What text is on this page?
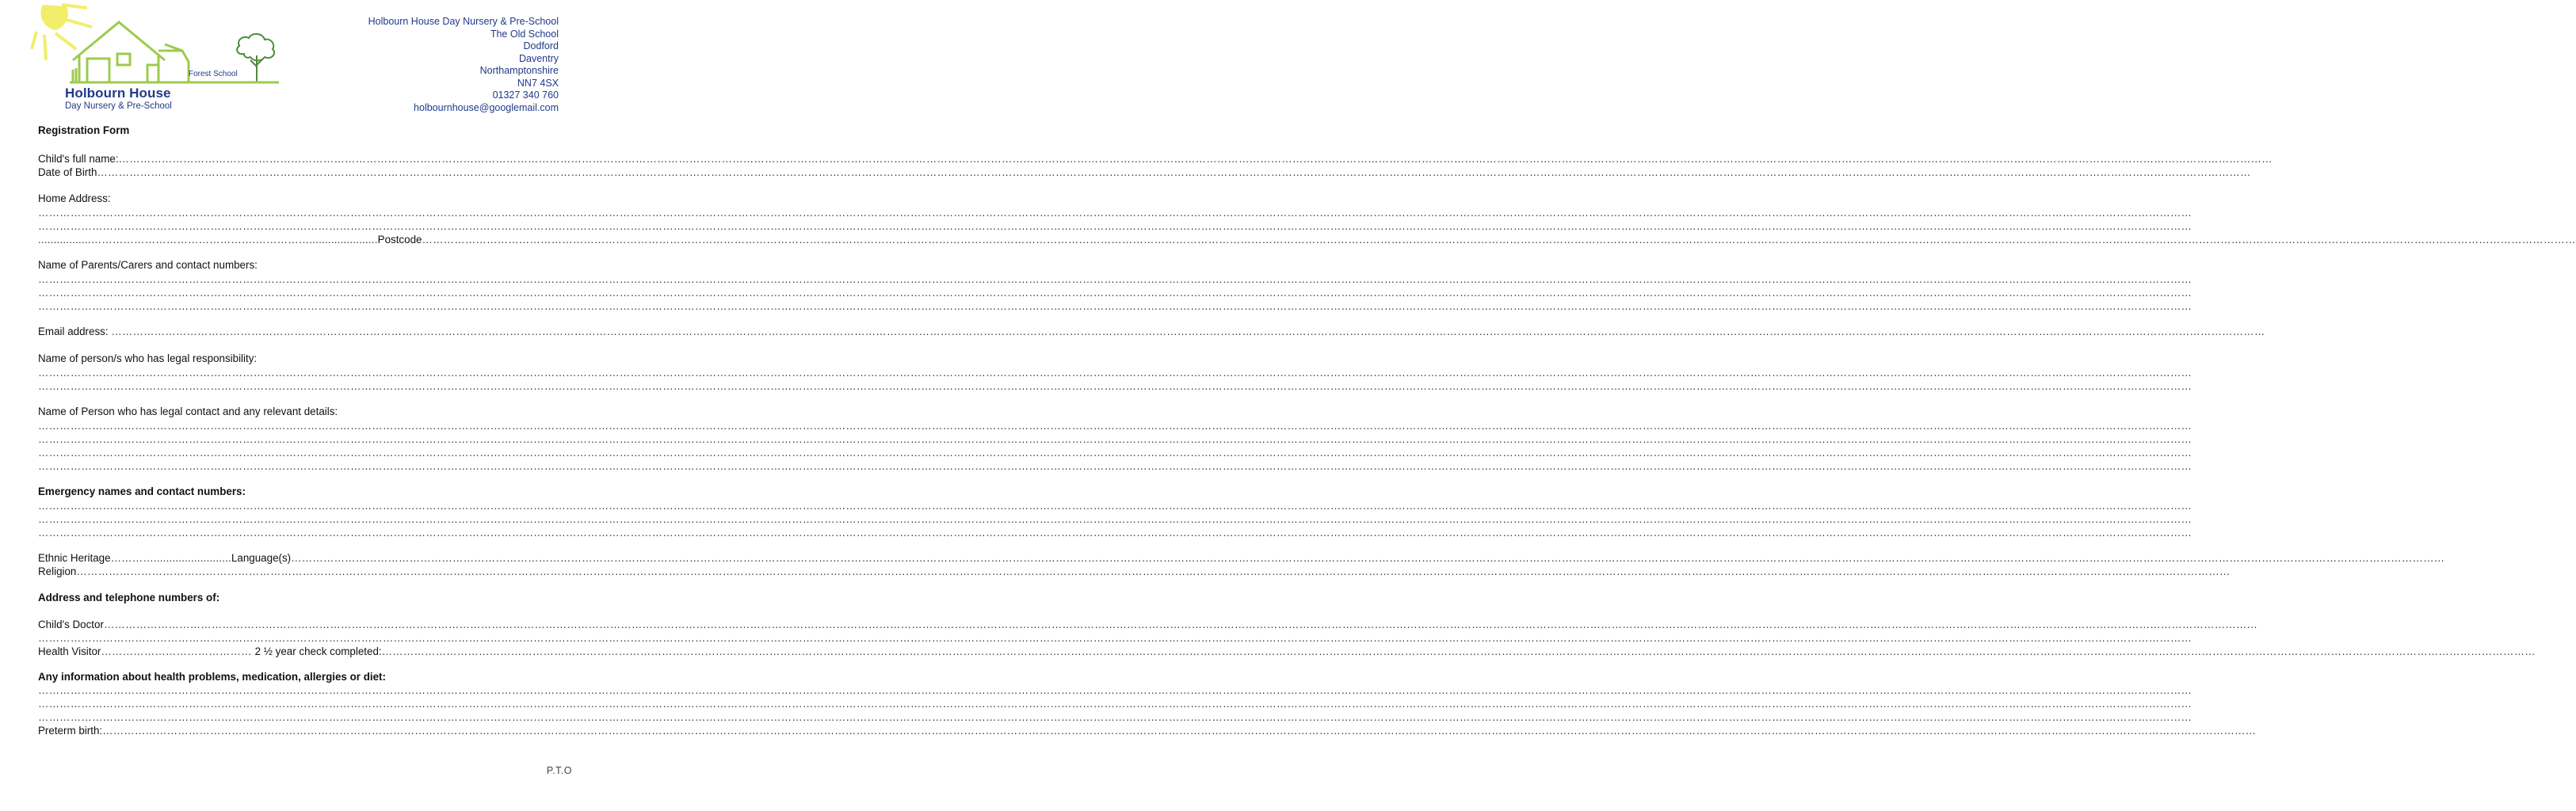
Forest School
Holbourn House
Day Nursery & Pre-School
Holbourn House Day Nursery & Pre-School
The Old School
Dodford
Daventry
Northamptonshire
NN7 4SX
01327 340 760
holbournhouse@googlemail.com
Registration Form
Child's full name:……………………………………………………………………………………………………………………………………………………………………………………………………………………………………………………………………………………………………………………………………………………………………………………………………………………………………………………………………………………………………………………………………………………
Date of Birth……………………………………………………………………………………………………………………………………………………………………………………………………………………………………………………………………………………………………………………………………………………………………………………………………………………………………………………………………………………………………………………………………………………
Home Address:
……………………………………………………………………………………………………………………………………………………………………………………………………………………………………………………………………………………………………………………………………………………………………………………………………………………………………………………………………………………………………………………………………………………
……………………………………………………………………………………………………………………………………………………………………………………………………………………………………………………………………………………………………………………………………………………………………………………………………………………………………………………………………………………………………………………………………………………
.................……………………………………….……………......................Postcode……………………………………………………………………………………………………………………………………………………………………………………………………………………………………………………………………………………………………………………………………………………………………………………………………………………………………………………………………………………………………………………………………………………
Name of Parents/Carers and contact numbers:
……………………………………………………………………………………………………………………………………………………………………………………………………………………………………………………………………………………………………………………………………………………………………………………………………………………………………………………………………………………………………………………………………………………
……………………………………………………………………………………………………………………………………………………………………………………………………………………………………………………………………………………………………………………………………………………………………………………………………………………………………………………………………………………………………………………………………………………
……………………………………………………………………………………………………………………………………………………………………………………………………………………………………………………………………………………………………………………………………………………………………………………………………………………………………………………………………………………………………………………………………………………
Email address: ……………………………………………………………………………………………………………………………………………………………………………………………………………………………………………………………………………………………………………………………………………………………………………………………………………………………………………………………………………………………………………………………………………………
Name of person/s who has legal responsibility:
……………………………………………………………………………………………………………………………………………………………………………………………………………………………………………………………………………………………………………………………………………………………………………………………………………………………………………………………………………………………………………………………………………………
……………………………………………………………………………………………………………………………………………………………………………………………………………………………………………………………………………………………………………………………………………………………………………………………………………………………………………………………………………………………………………………………………………………
Name of Person who has legal contact and any relevant details:
……………………………………………………………………………………………………………………………………………………………………………………………………………………………………………………………………………………………………………………………………………………………………………………………………………………………………………………………………………………………………………………………………………………
……………………………………………………………………………………………………………………………………………………………………………………………………………………………………………………………………………………………………………………………………………………………………………………………………………………………………………………………………………………………………………………………………………………
……………………………………………………………………………………………………………………………………………………………………………………………………………………………………………………………………………………………………………………………………………………………………………………………………………………………………………………………………………………………………………………………………………………
……………………………………………………………………………………………………………………………………………………………………………………………………………………………………………………………………………………………………………………………………………………………………………………………………………………………………………………………………………………………………………………………………………………
Emergency names and contact numbers:
……………………………………………………………………………………………………………………………………………………………………………………………………………………………………………………………………………………………………………………………………………………………………………………………………………………………………………………………………………………………………………………………………………………
……………………………………………………………………………………………………………………………………………………………………………………………………………………………………………………………………………………………………………………………………………………………………………………………………………………………………………………………………………………………………………………………………………………
……………………………………………………………………………………………………………………………………………………………………………………………………………………………………………………………………………………………………………………………………………………………………………………………………………………………………………………………………………………………………………………………………………………
Ethnic Heritage………….........................Language(s)……………………………………………………………………………………………………………………………………………………………………………………………………………………………………………………………………………………………………………………………………………………………………………………………………………………………………………………………………………………………………………………………………………………
Religion……………………………………………………………………………………………………………………………………………………………………………………………………………………………………………………………………………………………………………………………………………………………………………………………………………………………………………………………………………………………………………………………………………………
Address and telephone numbers of:
Child's Doctor……………………………………………………………………………………………………………………………………………………………………………………………………………………………………………………………………………………………………………………………………………………………………………………………………………………………………………………………………………………………………………………………………………………
……………………………………………………………………………………………………………………………………………………………………………………………………………………………………………………………………………………………………………………………………………………………………………………………………………………………………………………………………………………………………………………………………………………
Health Visitor…………………………………… 2 ½ year check completed:……………………………………………………………………………………………………………………………………………………………………………………………………………………………………………………………………………………………………………………………………………………………………………………………………………………………………………………………………………………………………………………………………………………
Any information about health problems, medication, allergies or diet:
……………………………………………………………………………………………………………………………………………………………………………………………………………………………………………………………………………………………………………………………………………………………………………………………………………………………………………………………………………………………………………………………………………………
……………………………………………………………………………………………………………………………………………………………………………………………………………………………………………………………………………………………………………………………………………………………………………………………………………………………………………………………………………………………………………………………………………………
……………………………………………………………………………………………………………………………………………………………………………………………………………………………………………………………………………………………………………………………………………………………………………………………………………………………………………………………………………………………………………………………………………………
Preterm birth:……………………………………………………………………………………………………………………………………………………………………………………………………………………………………………………………………………………………………………………………………………………………………………………………………………………………………………………………………………………………………………………………………………………
P.T.O
